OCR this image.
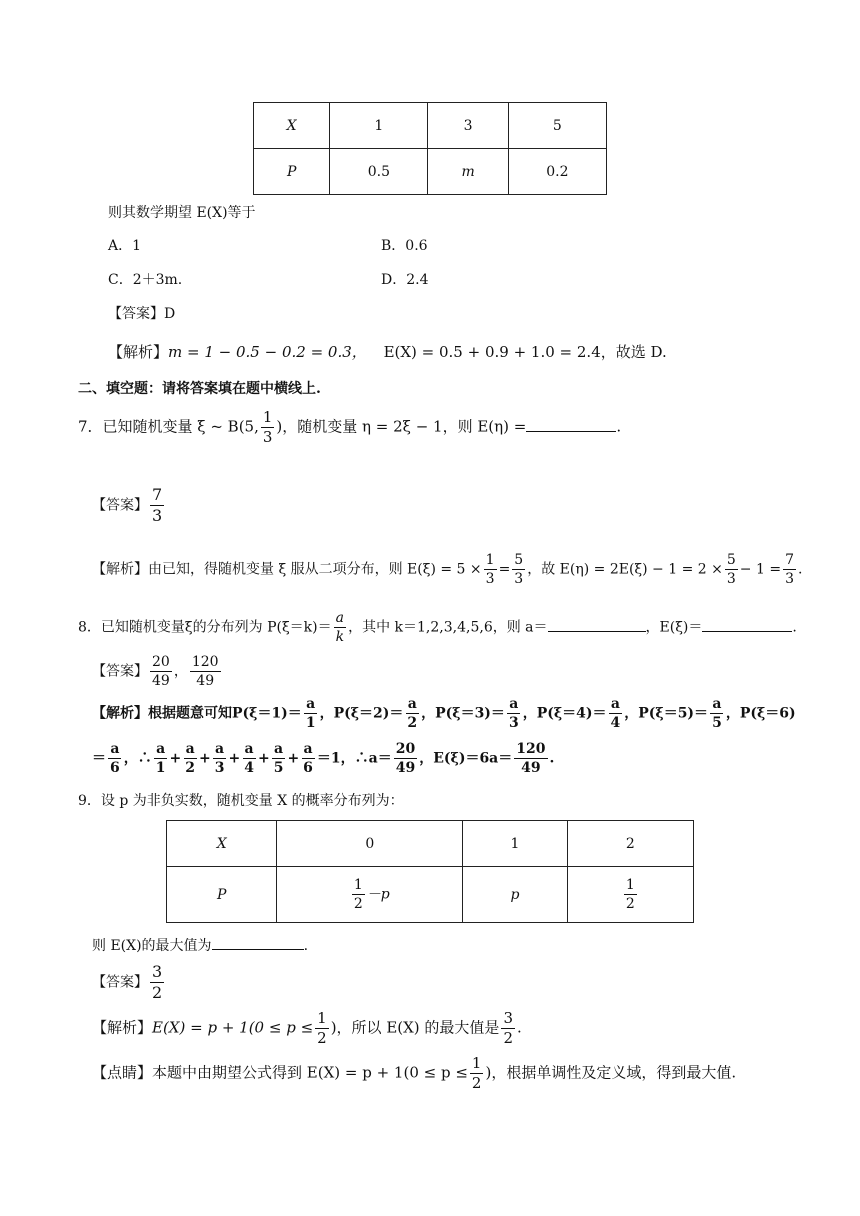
X	1	3	5
P	0.5	m	0.2
则其数学期望 E(X)等于
A．1	B．0.6
C．2＋3m.	D．2.4
【答案】D
【解析】m = 1 − 0.5 − 0.2 = 0.3， E(X) = 0.5 + 0.9 + 1.0 = 2.4，故选 D.
二、填空题：请将答案填在题中横线上.
7．已知随机变量 ξ ~ B(5, $\frac{1}{3}$ )，随机变量 η = 2ξ − 1，则 E(η) =	.
【答案】 $\frac{7}{3}$
【解析】由已知，得随机变量 ξ 服从二项分布，则 $E(\xi) = 5 \times \frac{1}{3} = \frac{5}{3}$ ，故 $E(\eta) = 2E(\xi) - 1 = 2 \times \frac{5}{3} - 1 = \frac{7}{3}$ .
8．已知随机变量ξ的分布列为 $P(\xi=k)= \frac{a}{k}$ ，其中 k＝1,2,3,4,5,6，则 a＝	，E(ξ)＝	.
【答案】 $\frac{20}{49}$ ， $\frac{120}{49}$
【解析】根据题意可知$P(\xi=1)= \frac{a}{1}$ ，$P(\xi=2)= \frac{a}{2}$ ，$P(\xi=3)= \frac{a}{3}$ ，$P(\xi=4)= \frac{a}{4}$ ，$P(\xi=5)= \frac{a}{5}$ ，P(ξ＝6)
＝ $\frac{a}{6}$ ，∴ $\frac{a}{1} + \frac{a}{2} + \frac{a}{3} + \frac{a}{4} + \frac{a}{5} + \frac{a}{6} =1$，∴a＝ $\frac{20}{49}$ ，$E(\xi)=6a= \frac{120}{49}$ .
9．设 p 为非负实数，随机变量 X 的概率分布列为：
X	0	1	2
P	$\frac{1}{2} -p$	p	$\frac{1}{2}$
则 E(X)的最大值为	.
【答案】 $\frac{3}{2}$
【解析】$E(X) = p + 1(0 \le p \le \frac{1}{2}$ )，所以 E(X) 的最大值是 $\frac{3}{2}$ .
【点睛】本题中由期望公式得到 $E(X) = p + 1(0 \le p \le \frac{1}{2}$ )，根据单调性及定义域，得到最大值.
